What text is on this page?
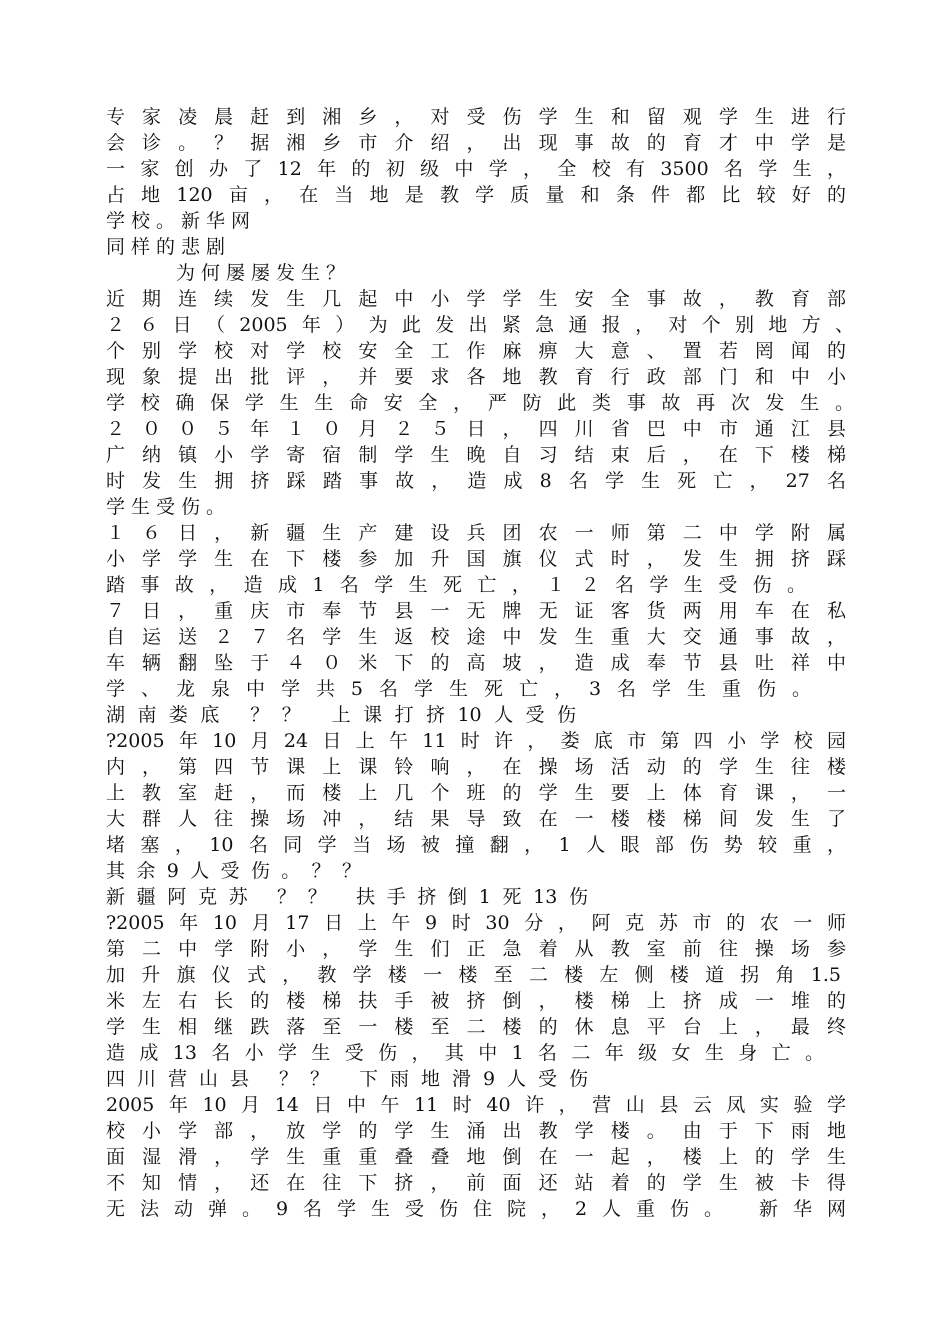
专家凌晨赶到湘乡，对受伤学生和留观学生进行
会诊。？据湘乡市介绍，出现事故的育才中学是
一家创办了12年的初级中学，全校有3500名学生，
占地120亩，在当地是教学质量和条件都比较好的
学校。新华网
同样的悲剧
为何屡屡发生？
近期连续发生几起中小学学生安全事故，教育部
２６日（2005年）为此发出紧急通报，对个别地方、
个别学校对学校安全工作麻痹大意、置若罔闻的
现象提出批评，并要求各地教育行政部门和中小
学校确保学生生命安全，严防此类事故再次发生。
２００５年１０月２５日，四川省巴中市通江县
广纳镇小学寄宿制学生晚自习结束后，在下楼梯
时发生拥挤踩踏事故，造成8名学生死亡，27名
学生受伤。
１６日，新疆生产建设兵团农一师第二中学附属
小学学生在下楼参加升国旗仪式时，发生拥挤踩
踏事故，造成1名学生死亡，１２名学生受伤。
７日，重庆市奉节县一无牌无证客货两用车在私
自运送２７名学生返校途中发生重大交通事故，
车辆翻坠于４０米下的高坡，造成奉节县吐祥中
学、龙泉中学共5名学生死亡，3名学生重伤。
湖南娄底 ？？ 上课打挤10人受伤
?2005年10月24日上午11时许，娄底市第四小学校园
内，第四节课上课铃响，在操场活动的学生往楼
上教室赶，而楼上几个班的学生要上体育课，一
大群人往操场冲，结果导致在一楼楼梯间发生了
堵塞，10名同学当场被撞翻，1人眼部伤势较重，
其余9人受伤。？？
新疆阿克苏 ？？ 扶手挤倒1死13伤
?2005年10月17日上午9时30分，阿克苏市的农一师
第二中学附小，学生们正急着从教室前往操场参
加升旗仪式，教学楼一楼至二楼左侧楼道拐角1.5
米左右长的楼梯扶手被挤倒，楼梯上挤成一堆的
学生相继跌落至一楼至二楼的休息平台上，最终
造成13名小学生受伤，其中1名二年级女生身亡。
四川营山县 ？？ 下雨地滑9人受伤
2005年10月14日中午11时40许，营山县云凤实验学
校小学部，放学的学生涌出教学楼。由于下雨地
面湿滑，学生重重叠叠地倒在一起，楼上的学生
不知情，还在往下挤，前面还站着的学生被卡得
无法动弹。9名学生受伤住院，2人重伤。 新华网
